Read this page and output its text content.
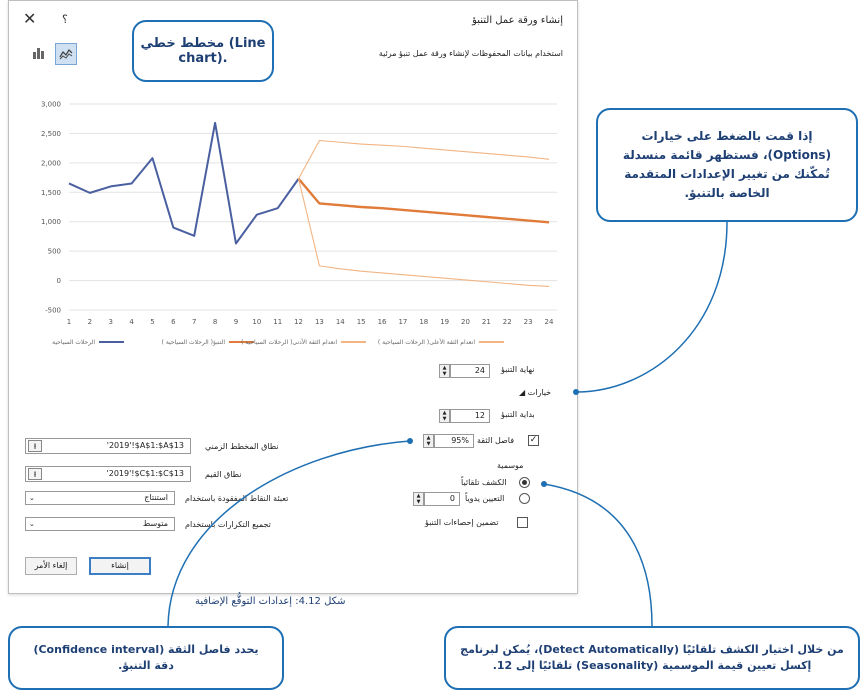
إنشاء ورقة عمل التنبؤ
✕ ؟
استخدام بيانات المحفوظات لإنشاء ورقة عمل تنبؤ مرئية
3,000
2,500
2,000
1,500
1,000
500
0
-500
1 2 3 4 5 6 7 8 9 10 11 12 13 14 15 16 17 18 19 20 21 22 23 24
الرحلات السياحية	التنبؤ( الرحلات السياحية )	انعدام الثقة الأدنى( الرحلات السياحية )	انعدام الثقة الأعلى( الرحلات السياحية )
نهاية التنبؤ
24
▲
▼
خيارات ◢
بداية التنبؤ
12
▲
▼
✓
فاصل الثقة
95%
▲
▼
موسمية
الكشف تلقائياً
التعيين يدوياً
0
▲
▼
تضمين إحصاءات التنبؤ
نطاق المخطط الزمني
⭱	'2019'!$A$1:$A$13
نطاق القيم
⭱	'2019'!$C$1:$C$13
تعبئة النقاط المفقودة باستخدام
استنتاج
⌄
تجميع التكرارات باستخدام
متوسط
⌄
إنشاء
إلغاء الأمر
مخطط خطي (Line chart).
إذا قمت بالضغط على خيارات (Options)، فستظهر قائمة منسدلة تُمكّنك من تغيير الإعدادات المتقدمة الخاصة بالتنبؤ.
يحدد فاصل الثقة (Confidence interval) دقة التنبؤ.
من خلال اختيار الكشف تلقائيًا (Detect Automatically)، يُمكن لبرنامج إكسل تعيين قيمة الموسمية (Seasonality) تلقائيًا إلى 12.
شكل 4.12: إعدادات التوقُّع الإضافية
